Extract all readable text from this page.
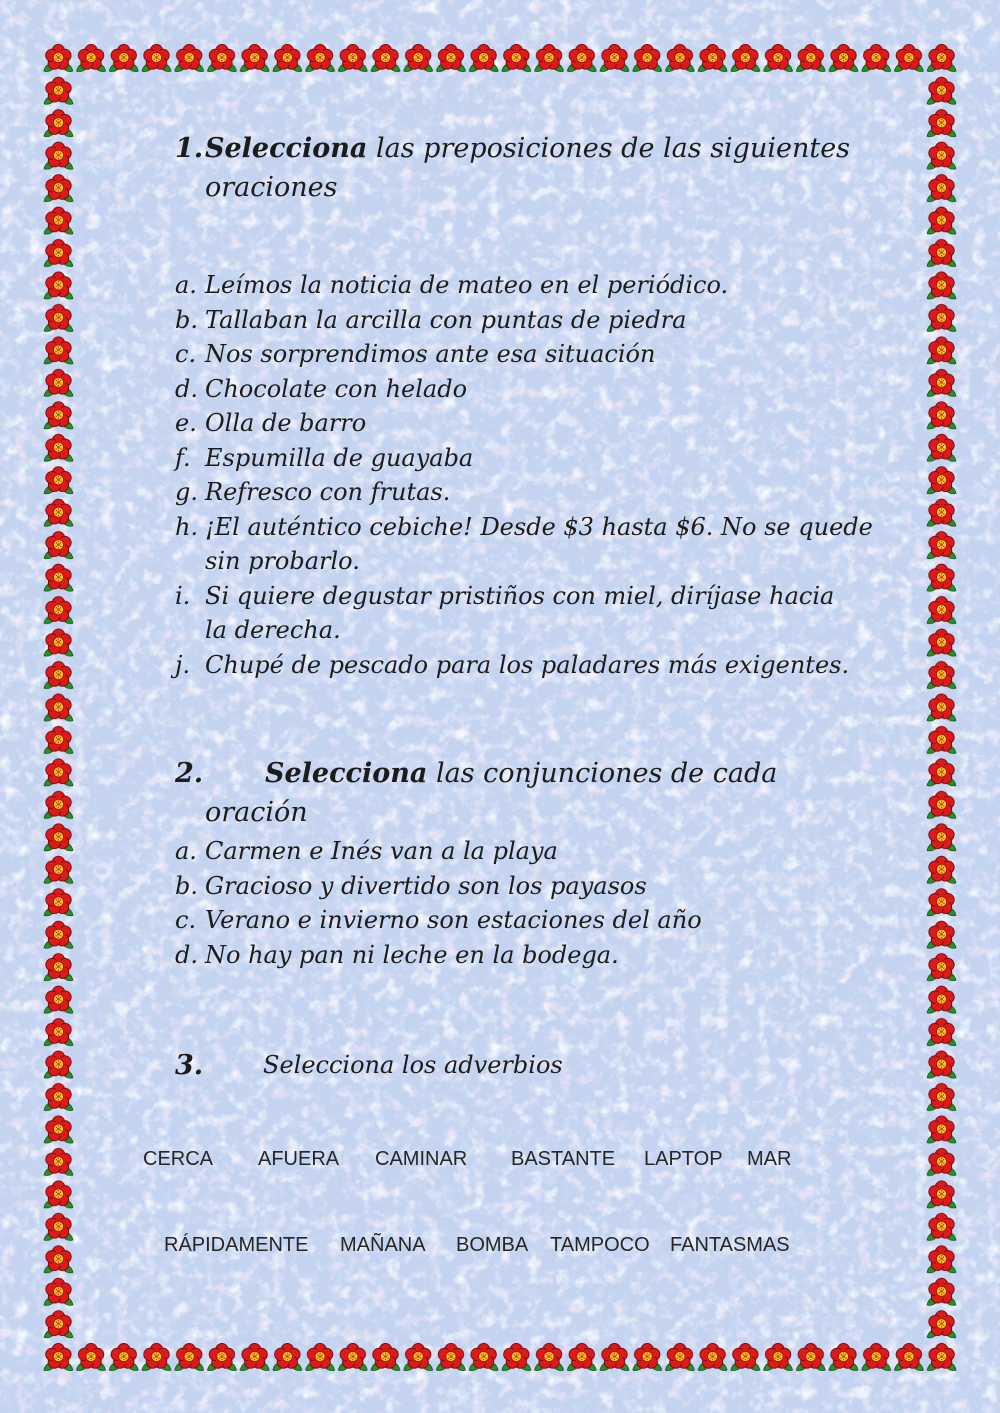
1. Selecciona las preposiciones de las siguientes
oraciones
a. Leímos la noticia de mateo en el periódico.
b. Tallaban la arcilla con puntas de piedra
c. Nos sorprendimos ante esa situación
d. Chocolate con helado
e. Olla de barro
f. Espumilla de guayaba
g. Refresco con frutas.
h. ¡El auténtico cebiche! Desde $3 hasta $6. No se quede
sin probarlo.
i. Si quiere degustar pristiños con miel, diríjase hacia
la derecha.
j. Chupé de pescado para los paladares más exigentes.
2. Selecciona las conjunciones de cada
oración
a. Carmen e Inés van a la playa
b. Gracioso y divertido son los payasos
c. Verano e invierno son estaciones del año
d. No hay pan ni leche en la bodega.
3. Selecciona los adverbios
CERCA AFUERA CAMINAR BASTANTE LAPTOP MAR
RÁPIDAMENTE MAÑANA BOMBA TAMPOCO FANTASMAS
